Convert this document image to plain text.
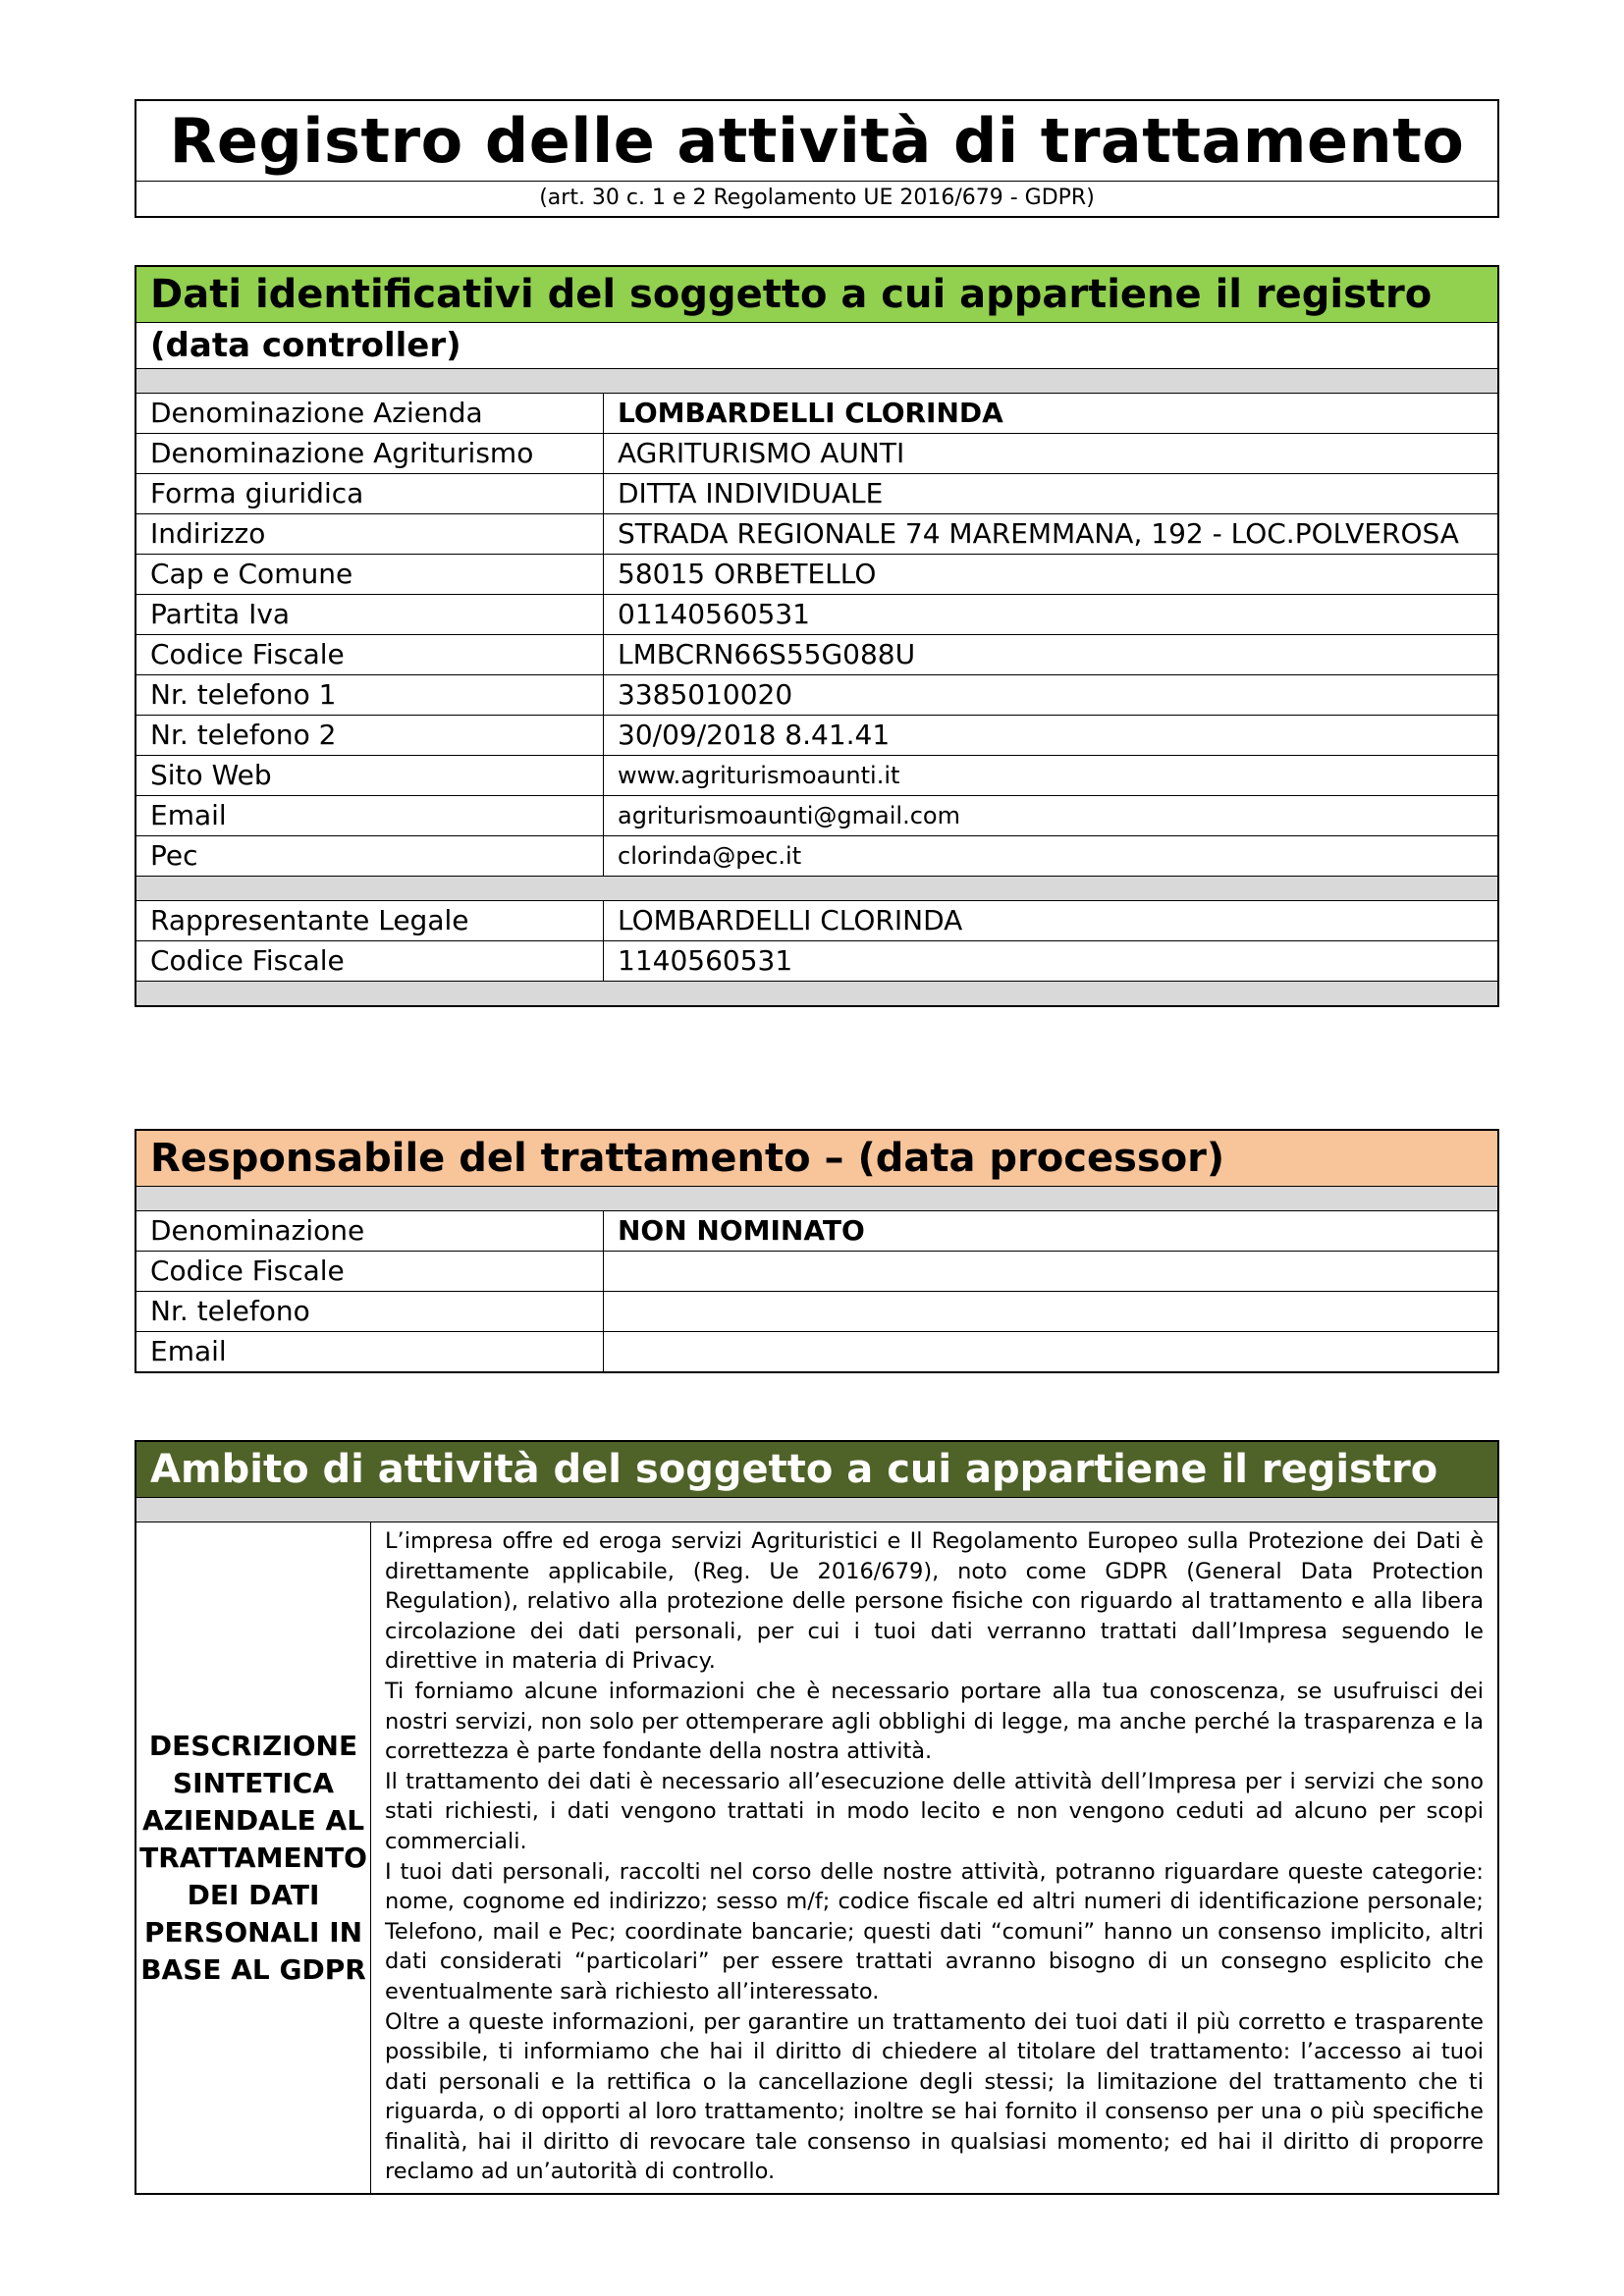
Registro delle attività di trattamento
(art. 30 c. 1 e 2 Regolamento UE 2016/679 - GDPR)
Dati identificativi del soggetto a cui appartiene il registro
(data controller)
Denominazione Azienda	LOMBARDELLI CLORINDA
Denominazione Agriturismo	AGRITURISMO AUNTI
Forma giuridica	DITTA INDIVIDUALE
Indirizzo	STRADA REGIONALE 74 MAREMMANA, 192 - LOC.POLVEROSA
Cap e Comune	58015 ORBETELLO
Partita Iva	01140560531
Codice Fiscale	LMBCRN66S55G088U
Nr. telefono 1	3385010020
Nr. telefono 2	30/09/2018 8.41.41
Sito Web	www.agriturismoaunti.it
Email	agriturismoaunti@gmail.com
Pec	clorinda@pec.it
Rappresentante Legale	LOMBARDELLI CLORINDA
Codice Fiscale	1140560531
Responsabile del trattamento – (data processor)
Denominazione	NON NOMINATO
Codice Fiscale	
Nr. telefono	
Email	
Ambito di attività del soggetto a cui appartiene il registro
DESCRIZIONE SINTETICA AZIENDALE AL TRATTAMENTO DEI DATI PERSONALI IN BASE AL GDPR

L’impresa offre ed eroga servizi Agrituristici e Il Regolamento Europeo sulla Protezione dei Dati è direttamente applicabile, (Reg. Ue 2016/679), noto come GDPR (General Data Protection Regulation), relativo alla protezione delle persone fisiche con riguardo al trattamento e alla libera circolazione dei dati personali, per cui i tuoi dati verranno trattati dall’Impresa seguendo le direttive in materia di Privacy.

Ti forniamo alcune informazioni che è necessario portare alla tua conoscenza, se usufruisci dei nostri servizi, non solo per ottemperare agli obblighi di legge, ma anche perché la trasparenza e la correttezza è parte fondante della nostra attività.

Il trattamento dei dati è necessario all’esecuzione delle attività dell’Impresa per i servizi che sono stati richiesti, i dati vengono trattati in modo lecito e non vengono ceduti ad alcuno per scopi commerciali.

I tuoi dati personali, raccolti nel corso delle nostre attività, potranno riguardare queste categorie: nome, cognome ed indirizzo; sesso m/f; codice fiscale ed altri numeri di identificazione personale; Telefono, mail e Pec; coordinate bancarie; questi dati “comuni” hanno un consenso implicito, altri dati considerati “particolari” per essere trattati avranno bisogno di un consegno esplicito che eventualmente sarà richiesto all’interessato.

Oltre a queste informazioni, per garantire un trattamento dei tuoi dati il più corretto e trasparente possibile, ti informiamo che hai il diritto di chiedere al titolare del trattamento: l’accesso ai tuoi dati personali e la rettifica o la cancellazione degli stessi; la limitazione del trattamento che ti riguarda, o di opporti al loro trattamento; inoltre se hai fornito il consenso per una o più specifiche finalità, hai il diritto di revocare tale consenso in qualsiasi momento; ed hai il diritto di proporre reclamo ad un’autorità di controllo.
